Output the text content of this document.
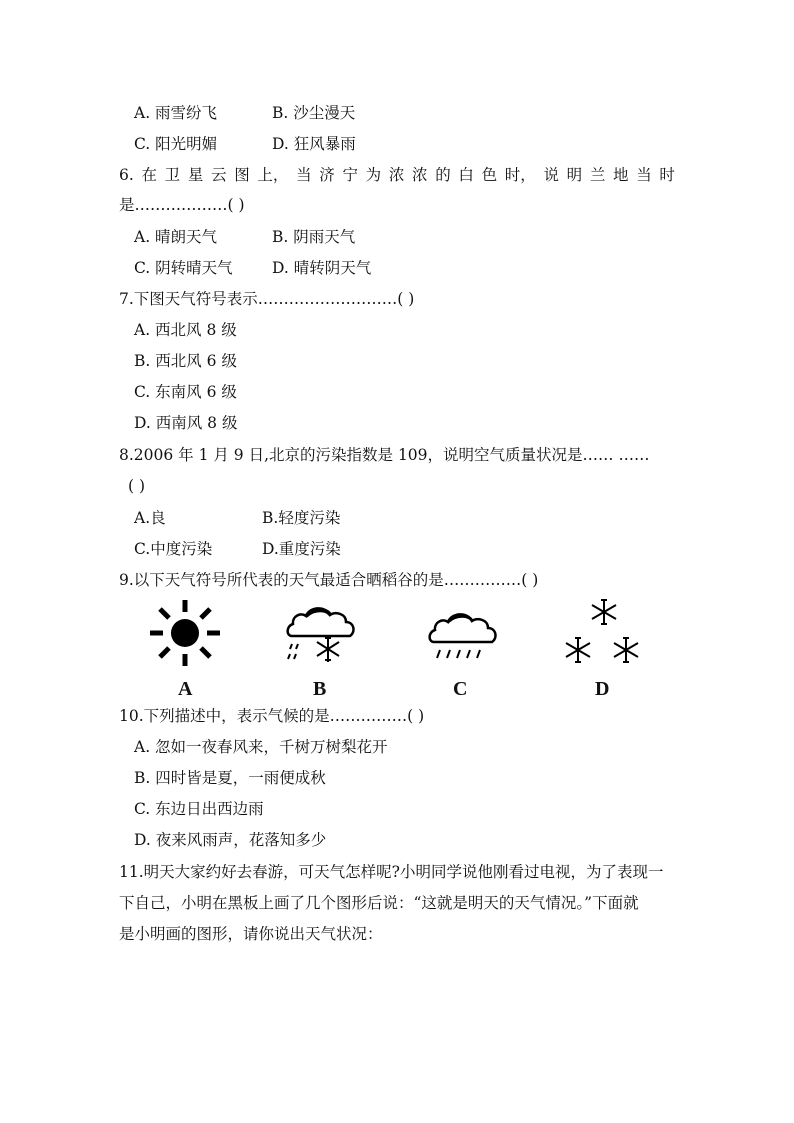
A. 雨雪纷飞	B. 沙尘漫天
C. 阳光明媚	D. 狂风暴雨
6. 在 卫 星 云 图 上， 当 济 宁 为 浓 浓 的 白 色 时， 说 明 兰 地 当 时
是………………( )
A. 晴朗天气	B. 阴雨天气
C. 阴转晴天气	D. 晴转阴天气
7.下图天气符号表示………………………( )
A. 西北风 8 级
B. 西北风 6 级
C. 东南风 6 级
D. 西南风 8 级
8.2006 年 1 月 9 日,北京的污染指数是 109，说明空气质量状况是…… ……
( )
A.良	B.轻度污染
C.中度污染	D.重度污染
9.以下天气符号所代表的天气最适合晒稻谷的是……………( )
A	B	C	D
10.下列描述中，表示气候的是……………( )
A. 忽如一夜春风来，千树万树梨花开
B. 四时皆是夏，一雨便成秋
C. 东边日出西边雨
D. 夜来风雨声，花落知多少
11.明天大家约好去春游，可天气怎样呢?小明同学说他刚看过电视，为了表现一
下自己，小明在黑板上画了几个图形后说：“这就是明天的天气情况。”下面就
是小明画的图形，请你说出天气状况：
